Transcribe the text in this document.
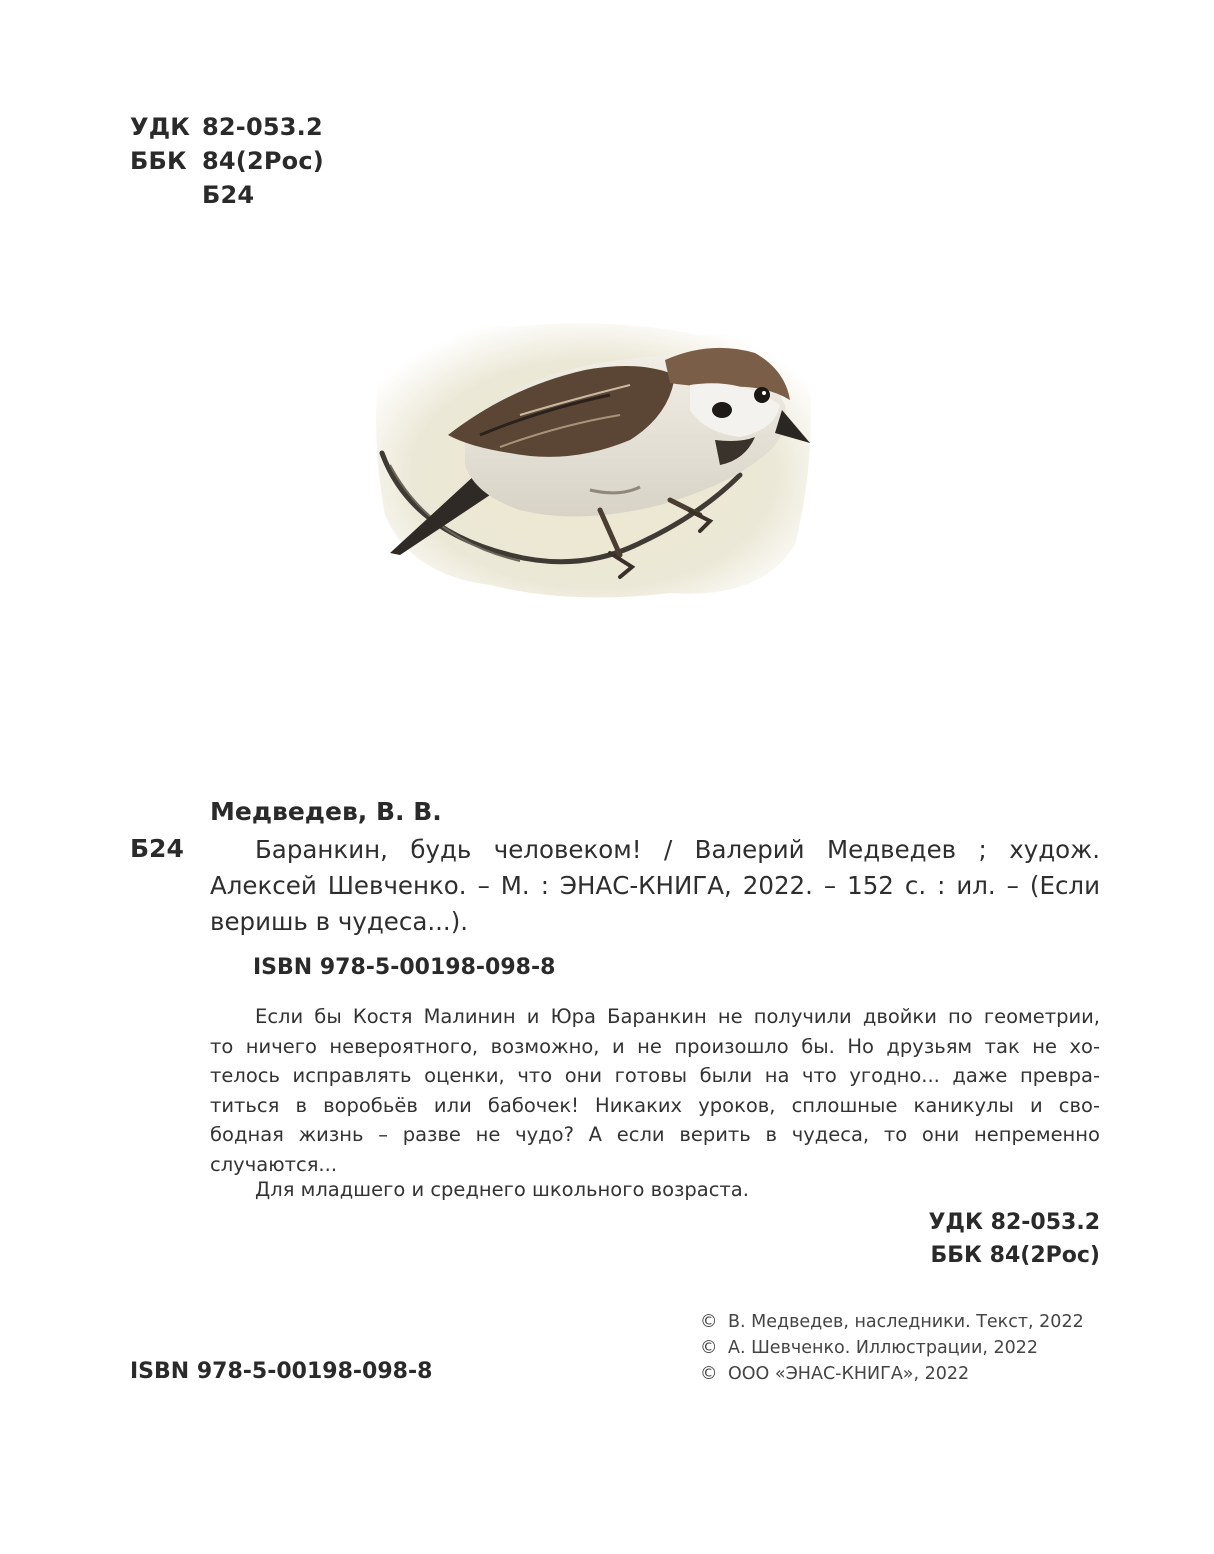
УДК 82-053.2
ББК 84(2Рос)
Б24
Медведев, В. В.
Б24	Баранкин, будь человеком! / Валерий Медведев ; худож.
Алексей Шевченко. – М. : ЭНАС-КНИГА, 2022. – 152 с. : ил. – (Если
веришь в чудеса...).
ISBN 978-5-00198-098-8
Если бы Костя Малинин и Юра Баранкин не получили двойки по геометрии,
то ничего невероятного, возможно, и не произошло бы. Но друзьям так не хо-
телось исправлять оценки, что они готовы были на что угодно... даже превра-
титься в воробьёв или бабочек! Никаких уроков, сплошные каникулы и сво-
бодная жизнь – разве не чудо? А если верить в чудеса, то они непременно
случаются...
Для младшего и среднего школьного возраста.
УДК 82-053.2
ББК 84(2Рос)
© В. Медведев, наследники. Текст, 2022
© А. Шевченко. Иллюстрации, 2022
© ООО «ЭНАС-КНИГА», 2022
ISBN 978-5-00198-098-8
